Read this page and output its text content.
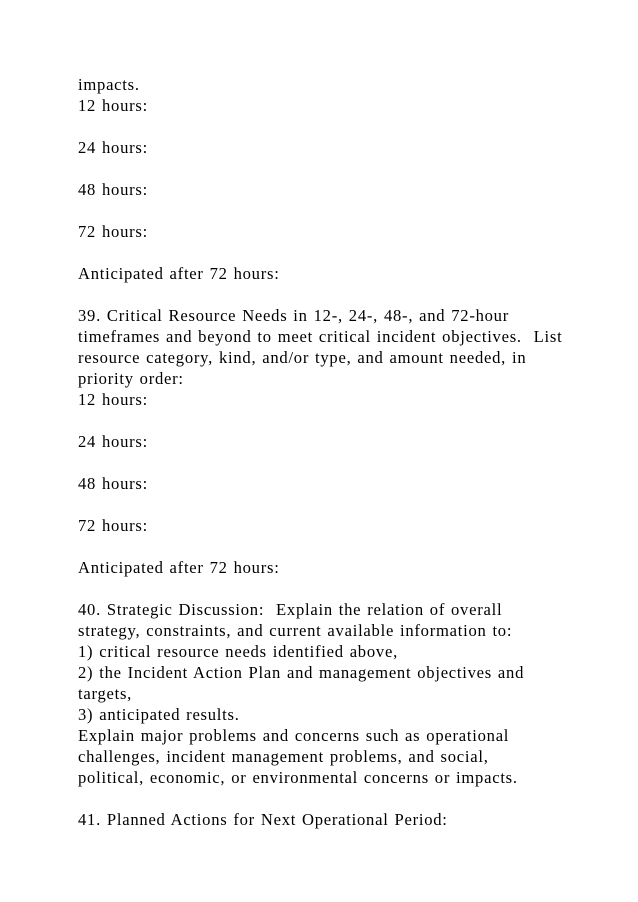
impacts.
12 hours:
24 hours:
48 hours:
72 hours:
Anticipated after 72 hours:
39. Critical Resource Needs in 12-, 24-, 48-, and 72-hour
timeframes and beyond to meet critical incident objectives.  List
resource category, kind, and/or type, and amount needed, in
priority order:
12 hours:
24 hours:
48 hours:
72 hours:
Anticipated after 72 hours:
40. Strategic Discussion:  Explain the relation of overall
strategy, constraints, and current available information to:
1) critical resource needs identified above,
2) the Incident Action Plan and management objectives and
targets,
3) anticipated results.
Explain major problems and concerns such as operational
challenges, incident management problems, and social,
political, economic, or environmental concerns or impacts.
41. Planned Actions for Next Operational Period:
